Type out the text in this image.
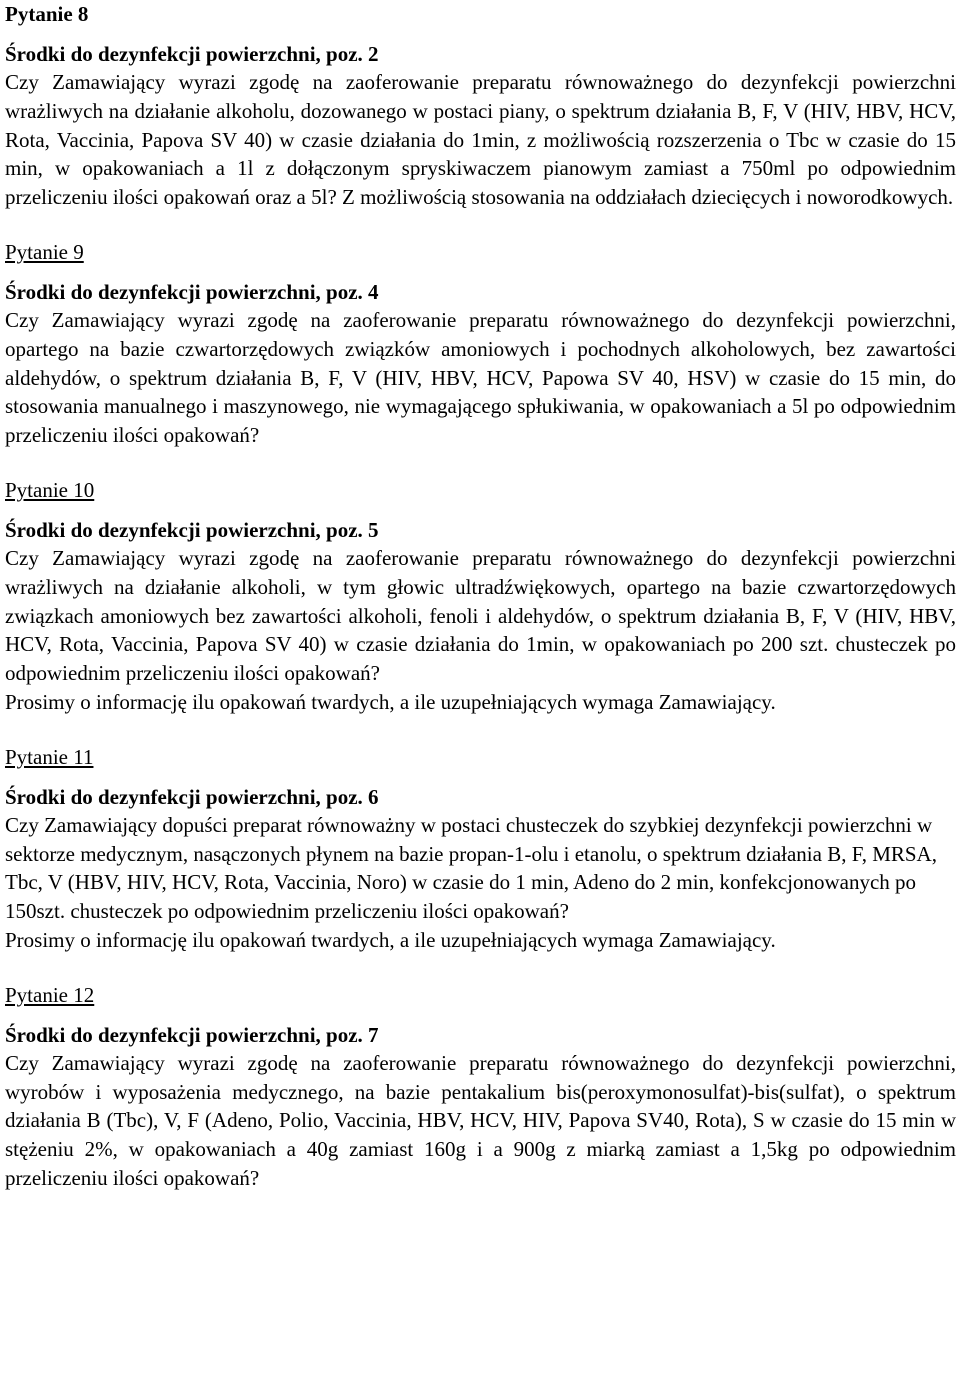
Pytanie 8

Środki do dezynfekcji powierzchni, poz. 2

Czy Zamawiający wyrazi zgodę na zaoferowanie preparatu równoważnego do dezynfekcji powierzchni wrażliwych na działanie alkoholu, dozowanego w postaci piany, o spektrum działania B, F, V (HIV, HBV, HCV, Rota, Vaccinia, Papova SV 40) w czasie działania do 1min, z możliwością rozszerzenia o Tbc w czasie do 15 min, w opakowaniach a 1l z dołączonym spryskiwaczem pianowym zamiast a 750ml po odpowiednim przeliczeniu ilości opakowań oraz a 5l? Z możliwością stosowania na oddziałach dziecięcych i noworodkowych.

Pytanie 9

Środki do dezynfekcji powierzchni, poz. 4

Czy Zamawiający wyrazi zgodę na zaoferowanie preparatu równoważnego do dezynfekcji powierzchni, opartego na bazie czwartorzędowych związków amoniowych i pochodnych alkoholowych, bez zawartości aldehydów, o spektrum działania B, F, V (HIV, HBV, HCV, Papowa SV 40, HSV) w czasie do 15 min, do stosowania manualnego i maszynowego, nie wymagającego spłukiwania, w opakowaniach a 5l po odpowiednim przeliczeniu ilości opakowań?

Pytanie 10

Środki do dezynfekcji powierzchni, poz. 5

Czy Zamawiający wyrazi zgodę na zaoferowanie preparatu równoważnego do dezynfekcji powierzchni wrażliwych na działanie alkoholi, w tym głowic ultradźwiękowych, opartego na bazie czwartorzędowych związkach amoniowych bez zawartości alkoholi, fenoli i aldehydów, o spektrum działania B, F, V (HIV, HBV, HCV, Rota, Vaccinia, Papova SV 40) w czasie działania do 1min, w opakowaniach po 200 szt. chusteczek po odpowiednim przeliczeniu ilości opakowań?

Prosimy o informację ilu opakowań twardych, a ile uzupełniających wymaga Zamawiający.

Pytanie 11

Środki do dezynfekcji powierzchni, poz. 6

Czy Zamawiający dopuści preparat równoważny w postaci chusteczek do szybkiej dezynfekcji powierzchni w sektorze medycznym, nasączonych płynem na bazie propan-1-olu i etanolu, o spektrum działania B, F, MRSA, Tbc, V (HBV, HIV, HCV, Rota, Vaccinia, Noro) w czasie do 1 min, Adeno do 2 min, konfekcjonowanych po 150szt. chusteczek po odpowiednim przeliczeniu ilości opakowań?

Prosimy o informację ilu opakowań twardych, a ile uzupełniających wymaga Zamawiający.

Pytanie 12

Środki do dezynfekcji powierzchni, poz. 7

Czy Zamawiający wyrazi zgodę na zaoferowanie preparatu równoważnego do dezynfekcji powierzchni, wyrobów i wyposażenia medycznego, na bazie pentakalium bis(peroxymonosulfat)-bis(sulfat), o spektrum działania B (Tbc), V, F (Adeno, Polio, Vaccinia, HBV, HCV, HIV, Papova SV40, Rota), S w czasie do 15 min w stężeniu 2%, w opakowaniach a 40g zamiast 160g i a 900g z miarką zamiast a 1,5kg po odpowiednim przeliczeniu ilości opakowań?
